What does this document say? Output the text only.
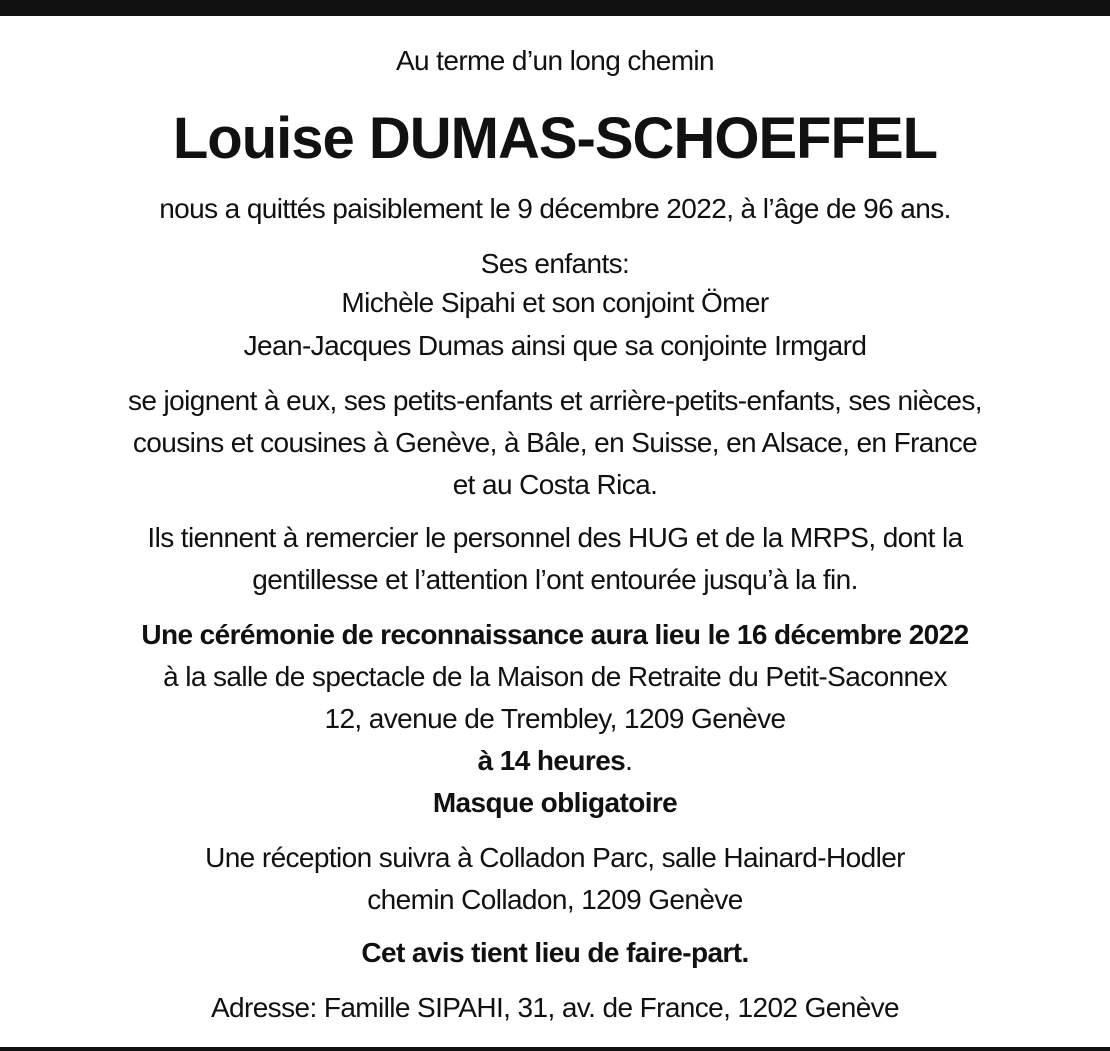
Au terme d’un long chemin
Louise DUMAS-SCHOEFFEL
nous a quittés paisiblement le 9 décembre 2022, à l’âge de 96 ans.
Ses enfants:
Michèle Sipahi et son conjoint Ömer
Jean-Jacques Dumas ainsi que sa conjointe Irmgard
se joignent à eux, ses petits-enfants et arrière-petits-enfants, ses nièces,
cousins et cousines à Genève, à Bâle, en Suisse, en Alsace, en France
et au Costa Rica.
Ils tiennent à remercier le personnel des HUG et de la MRPS, dont la
gentillesse et l’attention l’ont entourée jusqu’à la fin.
Une cérémonie de reconnaissance aura lieu le 16 décembre 2022
à la salle de spectacle de la Maison de Retraite du Petit-Saconnex
12, avenue de Trembley, 1209 Genève
à 14 heures.
Masque obligatoire
Une réception suivra à Colladon Parc, salle Hainard-Hodler
chemin Colladon, 1209 Genève
Cet avis tient lieu de faire-part.
Adresse: Famille SIPAHI, 31, av. de France, 1202 Genève
